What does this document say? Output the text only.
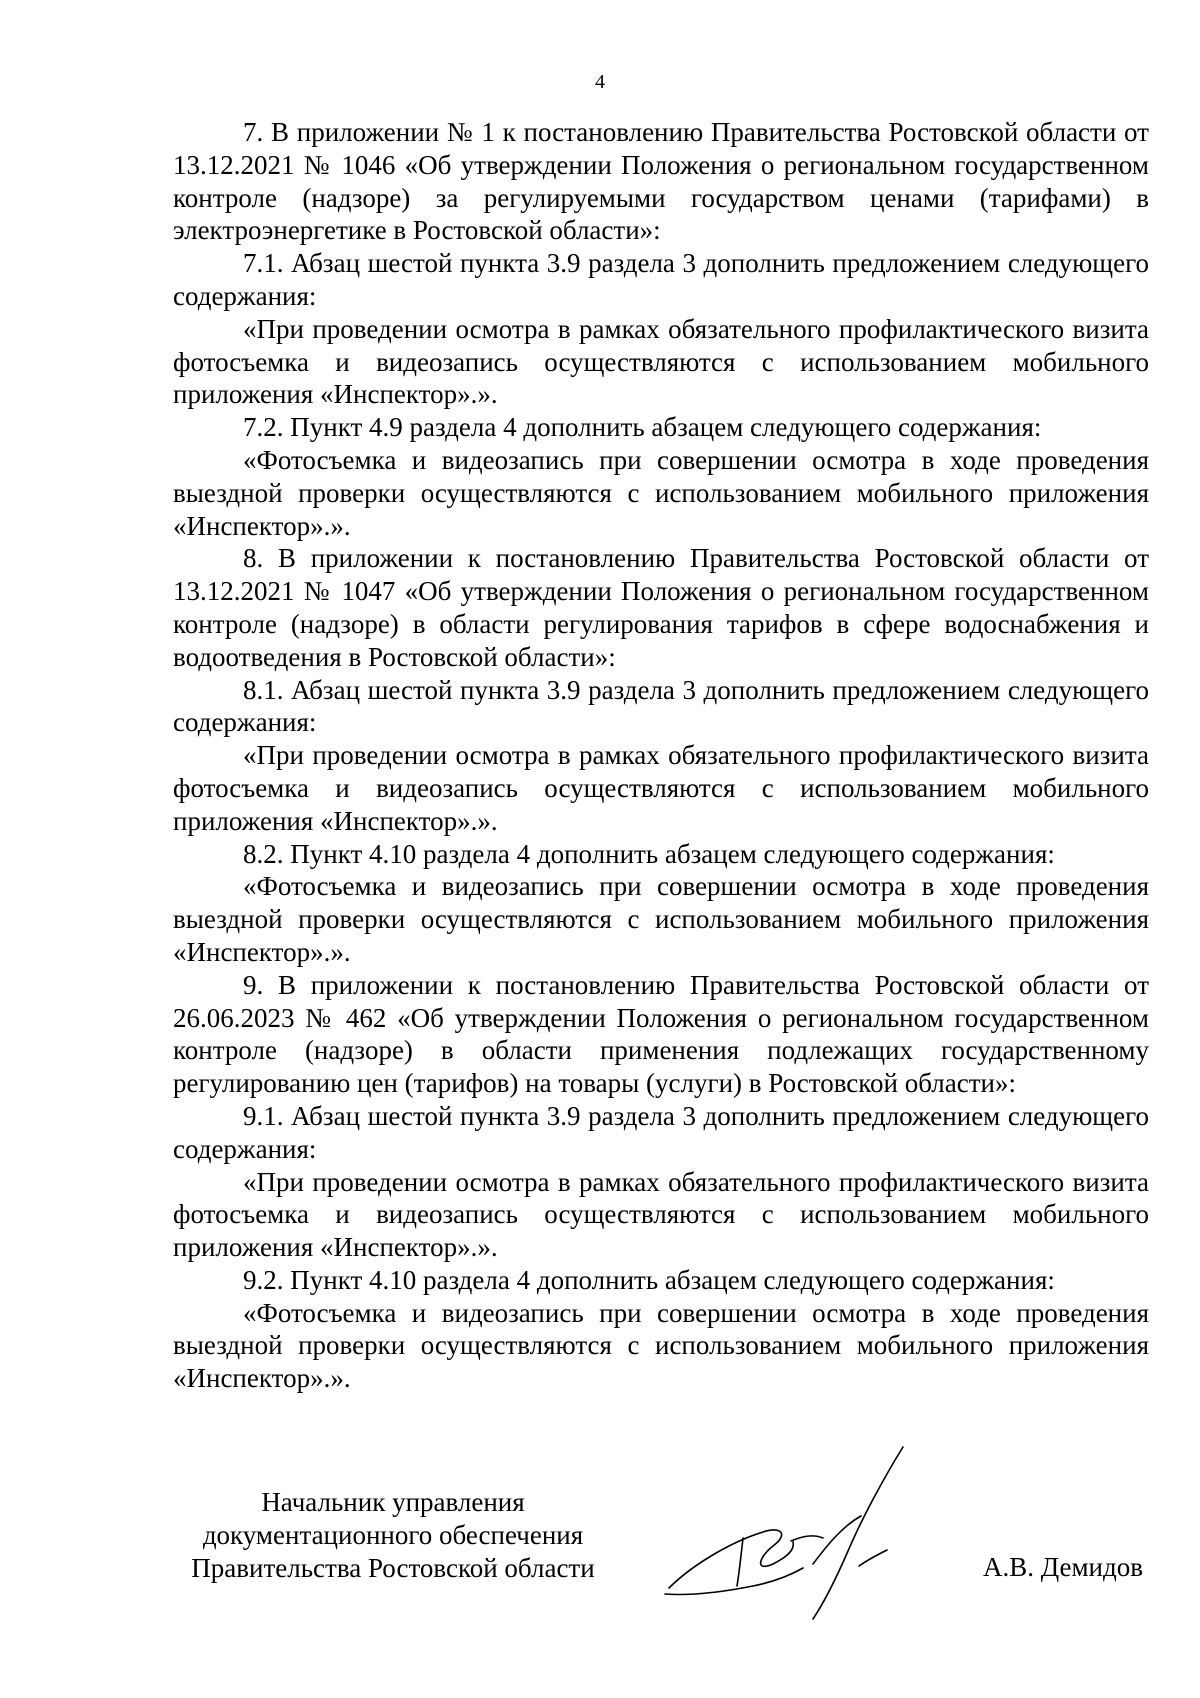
4

7. В приложении № 1 к постановлению Правительства Ростовской области от 13.12.2021 № 1046 «Об утверждении Положения о региональном государственном контроле (надзоре) за регулируемыми государством ценами (тарифами) в электроэнергетике в Ростовской области»:

7.1. Абзац шестой пункта 3.9 раздела 3 дополнить предложением следующего содержания:

«При проведении осмотра в рамках обязательного профилактического визита фотосъемка и видеозапись осуществляются с использованием мобильного приложения «Инспектор».».

7.2. Пункт 4.9 раздела 4 дополнить абзацем следующего содержания:

«Фотосъемка и видеозапись при совершении осмотра в ходе проведения выездной проверки осуществляются с использованием мобильного приложения «Инспектор».».

8. В приложении к постановлению Правительства Ростовской области от 13.12.2021 № 1047 «Об утверждении Положения о региональном государственном контроле (надзоре) в области регулирования тарифов в сфере водоснабжения и водоотведения в Ростовской области»:

8.1. Абзац шестой пункта 3.9 раздела 3 дополнить предложением следующего содержания:

«При проведении осмотра в рамках обязательного профилактического визита фотосъемка и видеозапись осуществляются с использованием мобильного приложения «Инспектор».».

8.2. Пункт 4.10 раздела 4 дополнить абзацем следующего содержания:

«Фотосъемка и видеозапись при совершении осмотра в ходе проведения выездной проверки осуществляются с использованием мобильного приложения «Инспектор».».

9. В приложении к постановлению Правительства Ростовской области от 26.06.2023 № 462 «Об утверждении Положения о региональном государственном контроле (надзоре) в области применения подлежащих государственному регулированию цен (тарифов) на товары (услуги) в Ростовской области»:

9.1. Абзац шестой пункта 3.9 раздела 3 дополнить предложением следующего содержания:

«При проведении осмотра в рамках обязательного профилактического визита фотосъемка и видеозапись осуществляются с использованием мобильного приложения «Инспектор».».

9.2. Пункт 4.10 раздела 4 дополнить абзацем следующего содержания:

«Фотосъемка и видеозапись при совершении осмотра в ходе проведения выездной проверки осуществляются с использованием мобильного приложения «Инспектор».».

Начальник управления
документационного обеспечения
Правительства Ростовской области	А.В. Демидов
